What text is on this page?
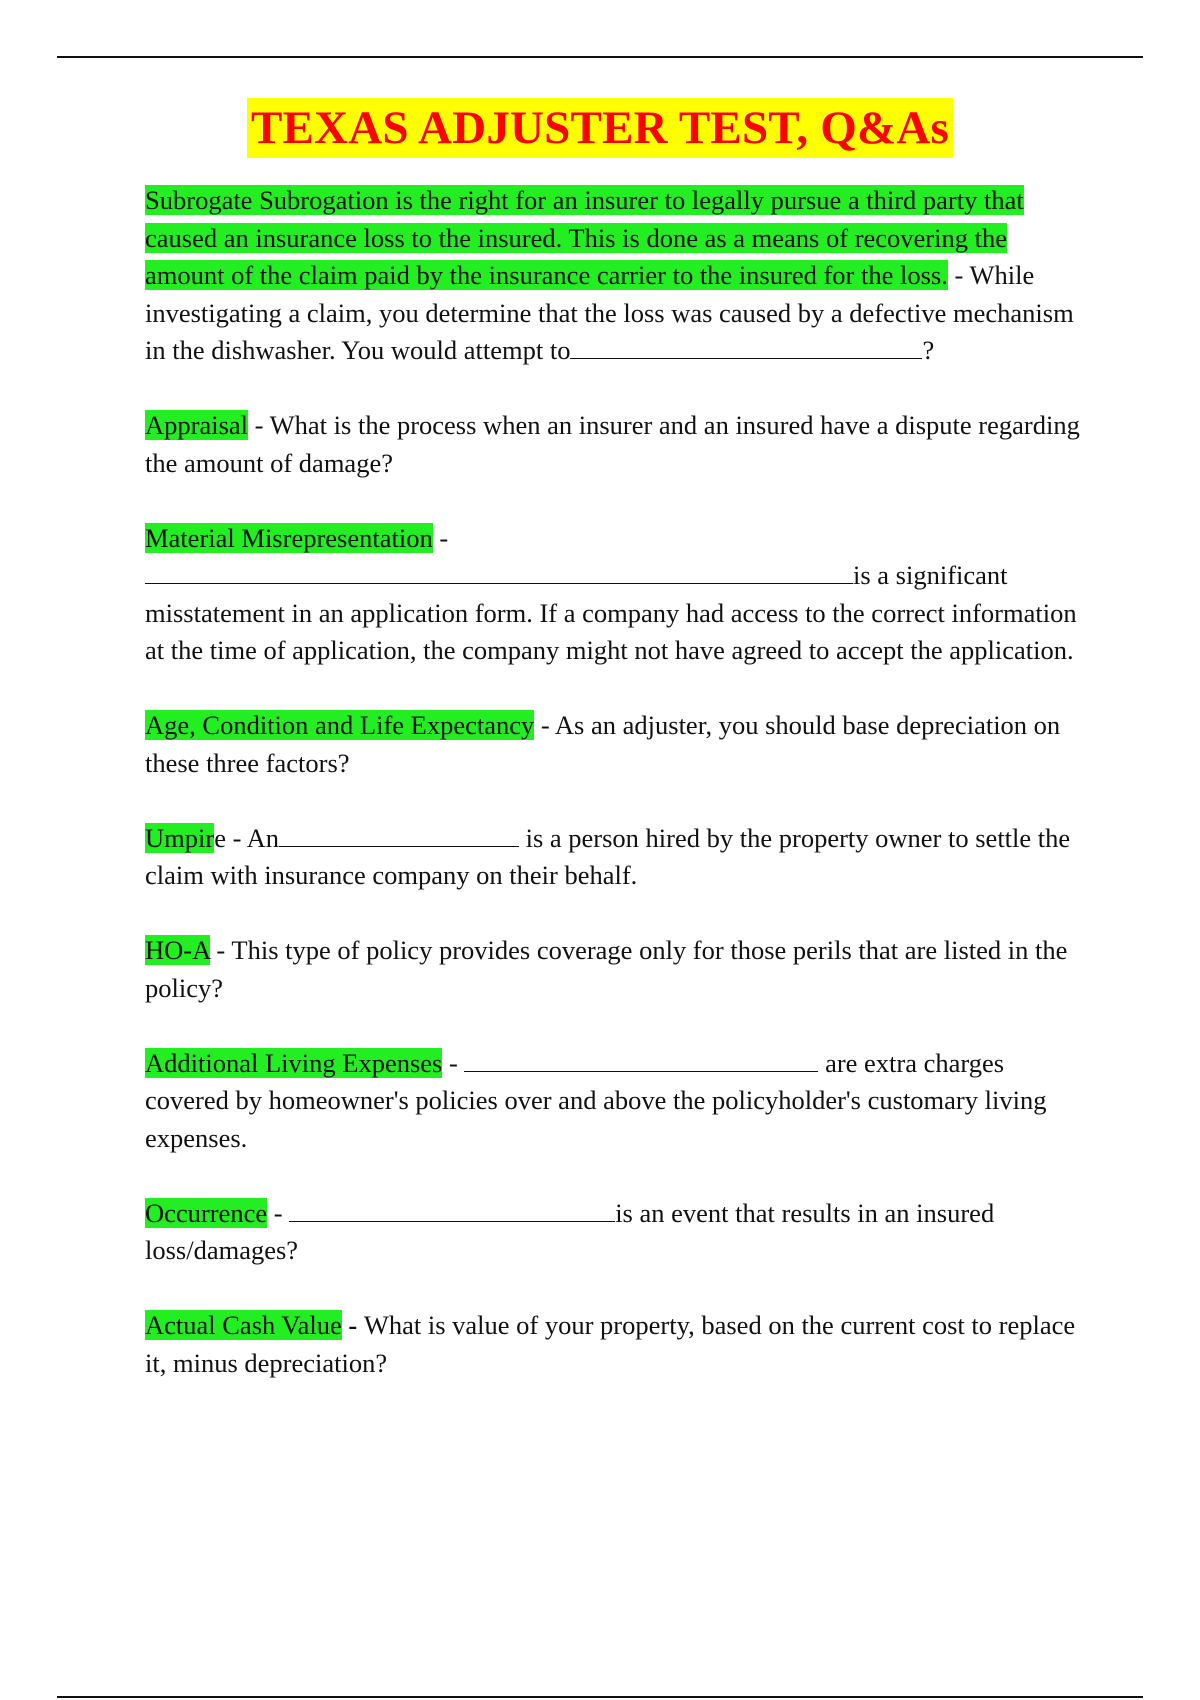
TEXAS ADJUSTER TEST, Q&As

Subrogate Subrogation is the right for an insurer to legally pursue a third party that caused an insurance loss to the insured. This is done as a means of recovering the amount of the claim paid by the insurance carrier to the insured for the loss. - While investigating a claim, you determine that the loss was caused by a defective mechanism in the dishwasher. You would attempt to	?

Appraisal - What is the process when an insurer and an insured have a dispute regarding the amount of damage?

Material Misrepresentation - is a significant misstatement in an application form. If a company had access to the correct information at the time of application, the company might not have agreed to accept the application.

Age, Condition and Life Expectancy - As an adjuster, you should base depreciation on these three factors?

Umpire - An	is a person hired by the property owner to settle the claim with insurance company on their behalf.

HO-A - This type of policy provides coverage only for those perils that are listed in the policy?

Additional Living Expenses -	are extra charges covered by homeowner's policies over and above the policyholder's customary living expenses.

Occurrence -	is an event that results in an insured loss/damages?

Actual Cash Value - What is value of your property, based on the current cost to replace it, minus depreciation?
